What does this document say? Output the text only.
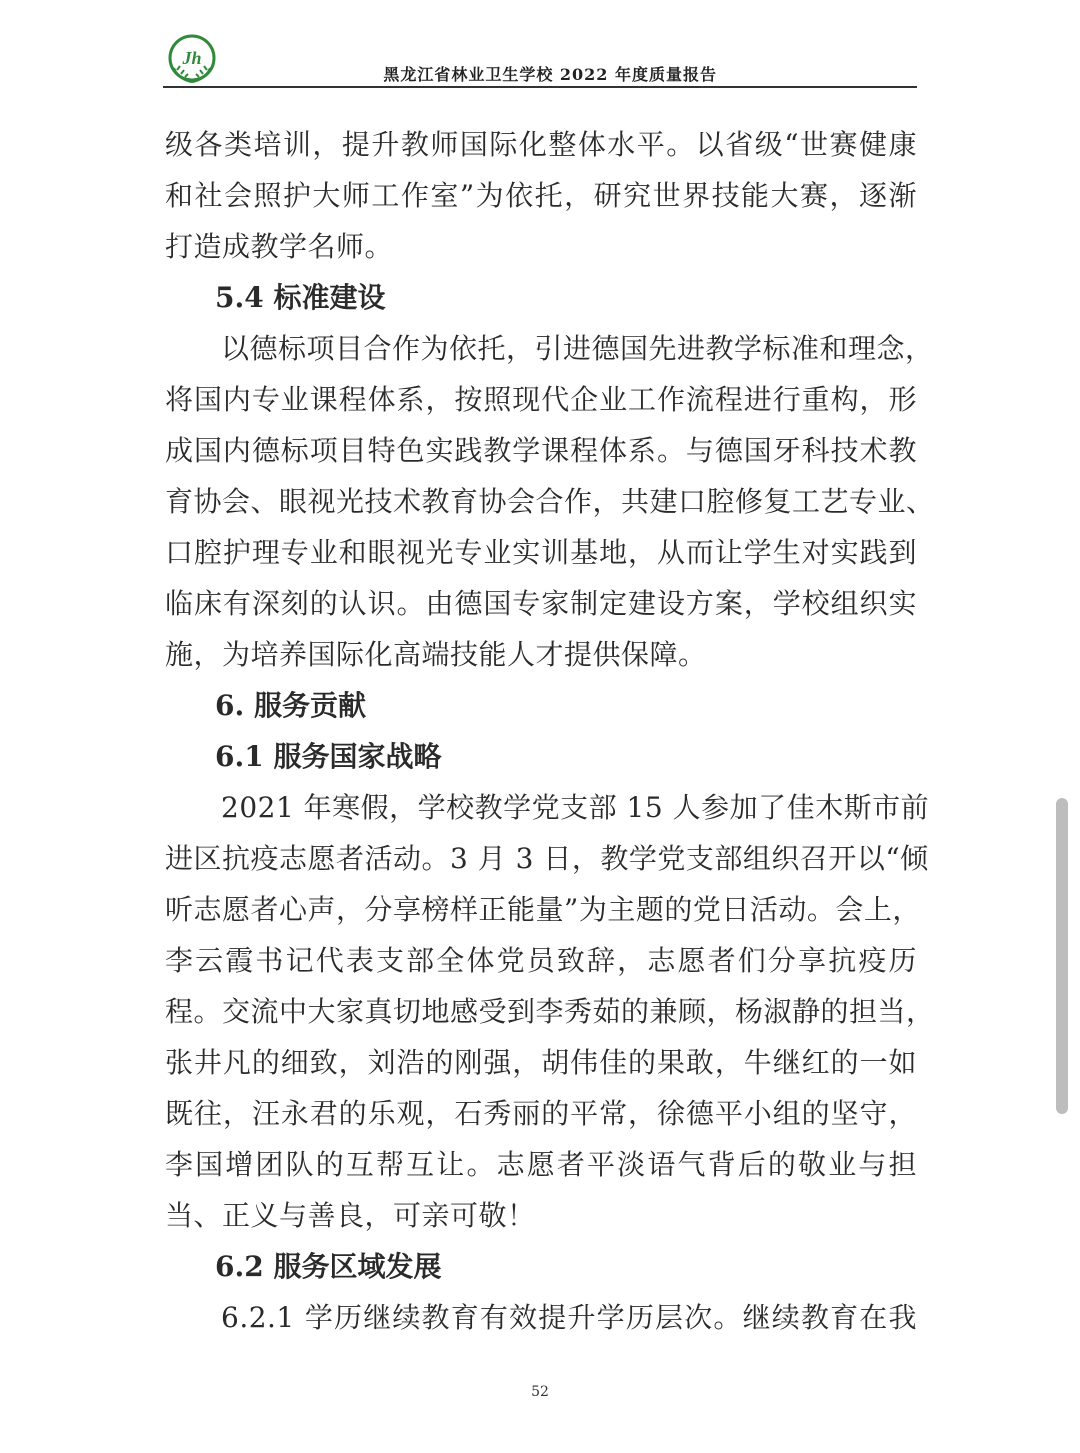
Jh
黑龙江省林业卫生学校 2022 年度质量报告
级各类培训，提升教师国际化整体水平。以省级“世赛健康
和社会照护大师工作室”为依托，研究世界技能大赛，逐渐
打造成教学名师。
5.4 标准建设
以德标项目合作为依托，引进德国先进教学标准和理念，
将国内专业课程体系，按照现代企业工作流程进行重构，形
成国内德标项目特色实践教学课程体系。与德国牙科技术教
育协会、眼视光技术教育协会合作，共建口腔修复工艺专业、
口腔护理专业和眼视光专业实训基地，从而让学生对实践到
临床有深刻的认识。由德国专家制定建设方案，学校组织实
施，为培养国际化高端技能人才提供保障。
6. 服务贡献
6.1 服务国家战略
2021 年寒假，学校教学党支部 15 人参加了佳木斯市前
进区抗疫志愿者活动。3 月 3 日，教学党支部组织召开以“倾
听志愿者心声，分享榜样正能量”为主题的党日活动。会上，
李云霞书记代表支部全体党员致辞，志愿者们分享抗疫历
程。交流中大家真切地感受到李秀茹的兼顾，杨淑静的担当，
张井凡的细致，刘浩的刚强，胡伟佳的果敢，牛继红的一如
既往，汪永君的乐观，石秀丽的平常，徐德平小组的坚守，
李国增团队的互帮互让。志愿者平淡语气背后的敬业与担
当、正义与善良，可亲可敬！
6.2 服务区域发展
6.2.1 学历继续教育有效提升学历层次。继续教育在我
52
